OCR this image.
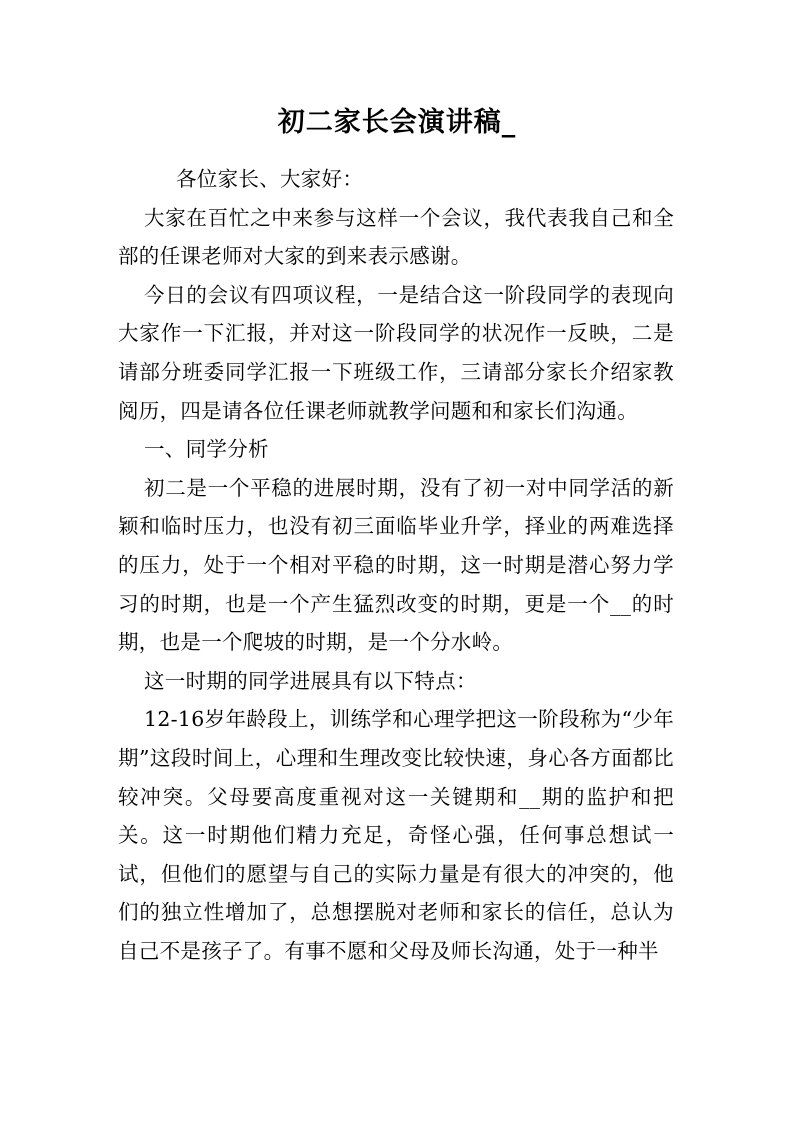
初二家长会演讲稿_

各位家长、大家好：

大家在百忙之中来参与这样一个会议，我代表我自己和全部的任课老师对大家的到来表示感谢。

今日的会议有四项议程，一是结合这一阶段同学的表现向大家作一下汇报，并对这一阶段同学的状况作一反映，二是请部分班委同学汇报一下班级工作，三请部分家长介绍家教阅历，四是请各位任课老师就教学问题和和家长们沟通。

一、同学分析

初二是一个平稳的进展时期，没有了初一对中同学活的新颖和临时压力，也没有初三面临毕业升学，择业的两难选择的压力，处于一个相对平稳的时期，这一时期是潜心努力学习的时期，也是一个产生猛烈改变的时期，更是一个__的时期，也是一个爬坡的时期，是一个分水岭。

这一时期的同学进展具有以下特点：

12-16岁年龄段上，训练学和心理学把这一阶段称为“少年期”这段时间上，心理和生理改变比较快速，身心各方面都比较冲突。父母要高度重视对这一关键期和__期的监护和把关。这一时期他们精力充足，奇怪心强，任何事总想试一试，但他们的愿望与自己的实际力量是有很大的冲突的，他们的独立性增加了，总想摆脱对老师和家长的信任，总认为自己不是孩子了。有事不愿和父母及师长沟通，处于一种半
